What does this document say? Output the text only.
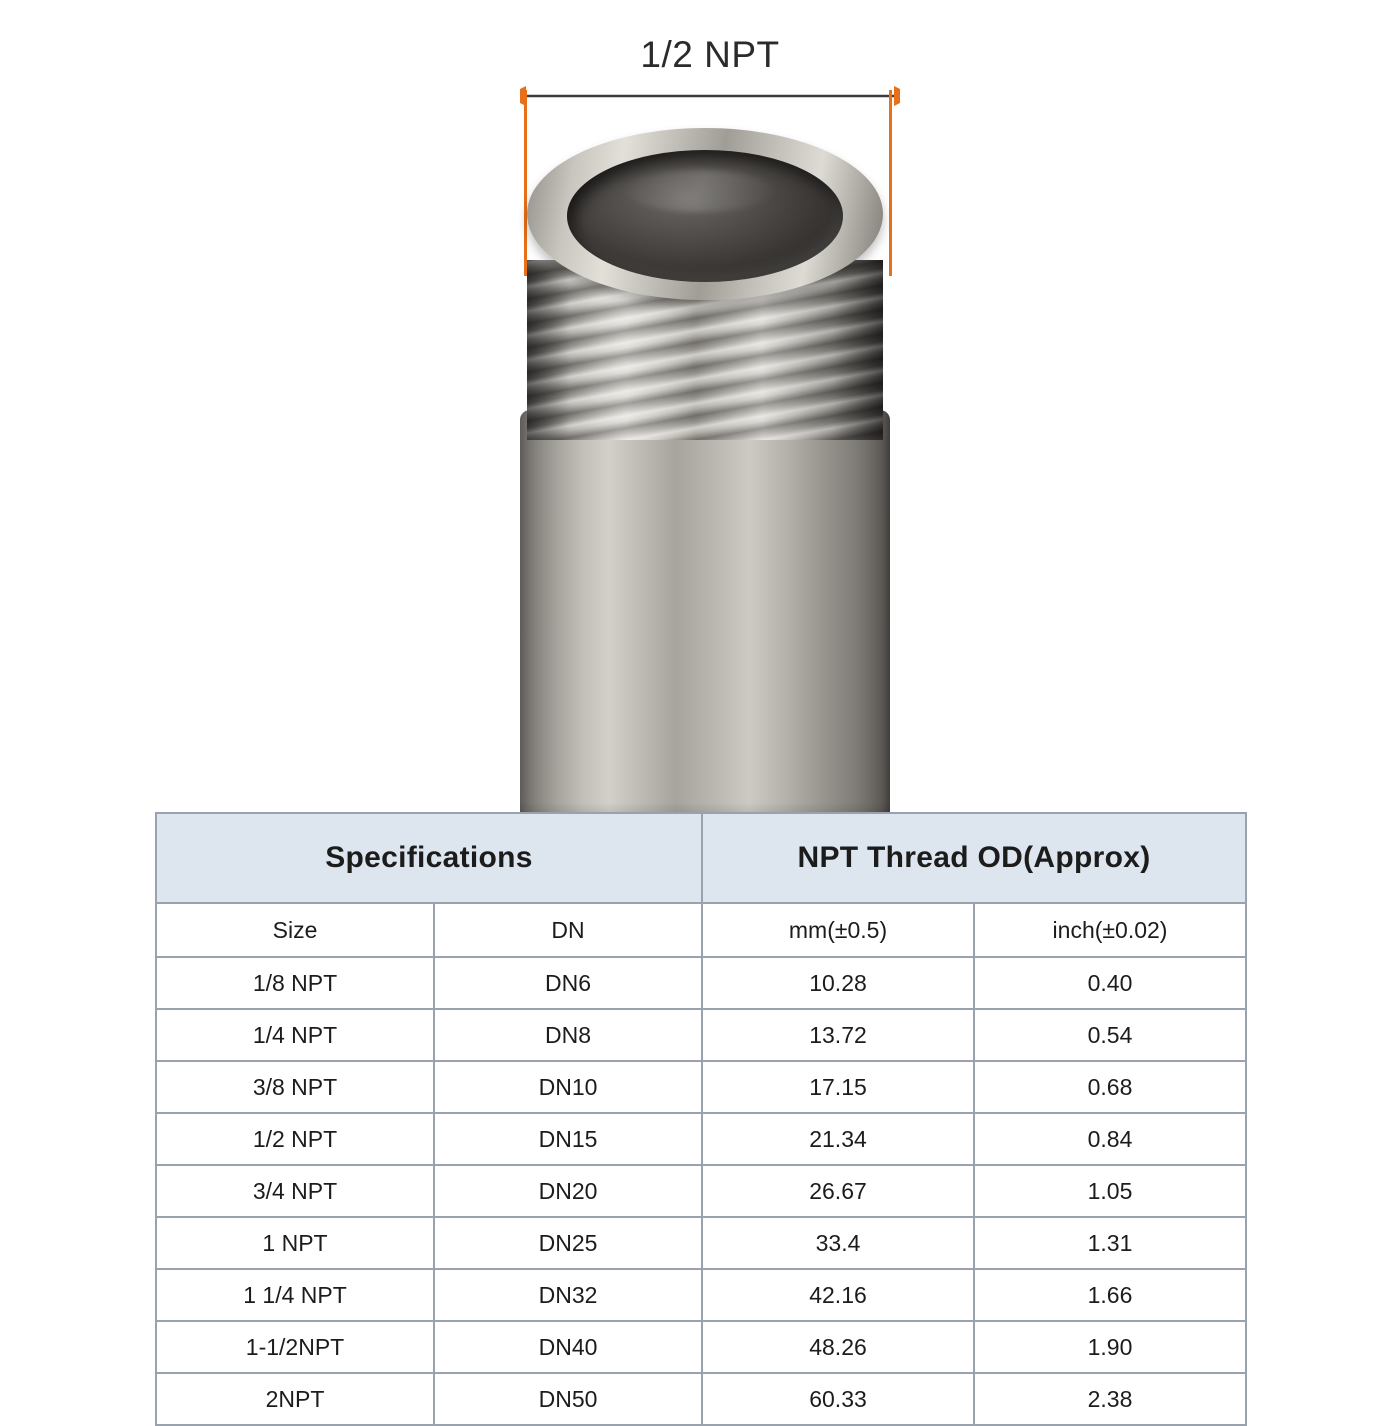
1/2 NPT
Specifications		NPT Thread OD(Approx)	
Size	DN	mm(±0.5)	inch(±0.02)
1/8 NPT	DN6	10.28	0.40
1/4 NPT	DN8	13.72	0.54
3/8 NPT	DN10	17.15	0.68
1/2 NPT	DN15	21.34	0.84
3/4 NPT	DN20	26.67	1.05
1 NPT	DN25	33.4	1.31
1 1/4 NPT	DN32	42.16	1.66
1-1/2NPT	DN40	48.26	1.90
2NPT	DN50	60.33	2.38
